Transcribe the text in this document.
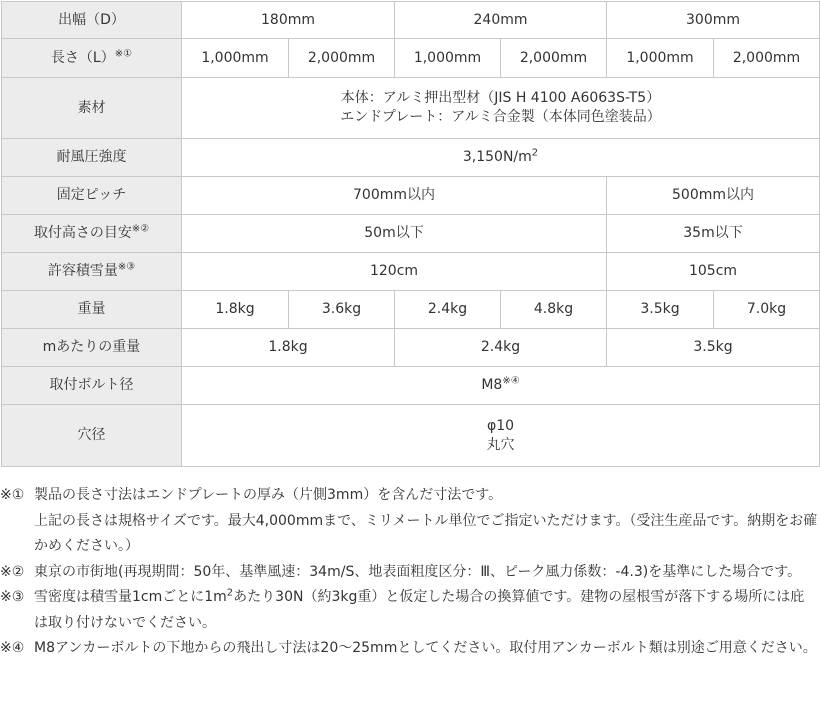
出幅（D）	180mm		240mm		300mm	
長さ（L）※①	1,000mm	2,000mm	1,000mm	2,000mm	1,000mm	2,000mm
素材	本体：アルミ押出型材（JIS H 4100 A6063S-T5）
エンドプレート：アルミ合金製（本体同色塗装品）					

耐風圧強度	$3,150N/m^2$
固定ピッチ	700mm以内				500mm以内	
取付高さの目安※②	50m以下				35m以下	
許容積雪量※③	120cm				105cm	
重量	1.8kg	3.6kg	2.4kg	4.8kg	3.5kg	7.0kg
mあたりの重量	1.8kg		2.4kg		3.5kg	
取付ボルト径	M8※④
穴径	φ10
丸穴					
※① 製品の長さ寸法はエンドプレートの厚み（片側3mm）を含んだ寸法です。
上記の長さは規格サイズです。最大4,000mmまで、ミリメートル単位でご指定いただけます。（受注生産品です。納期をお確かめください。）
※② 東京の市街地(再現期間：50年、基準風速：34m/S、地表面粗度区分：Ⅲ、ピーク風力係数：-4.3)を基準にした場合です。
※③ 雪密度は積雪量1cmごとに$1m^2$あたり30N（約3kg重）と仮定した場合の換算値です。建物の屋根雪が落下する場所には庇は取り付けないでください。
※④ M8アンカーボルトの下地からの飛出し寸法は20～25mmとしてください。取付用アンカーボルト類は別途ご用意ください。
